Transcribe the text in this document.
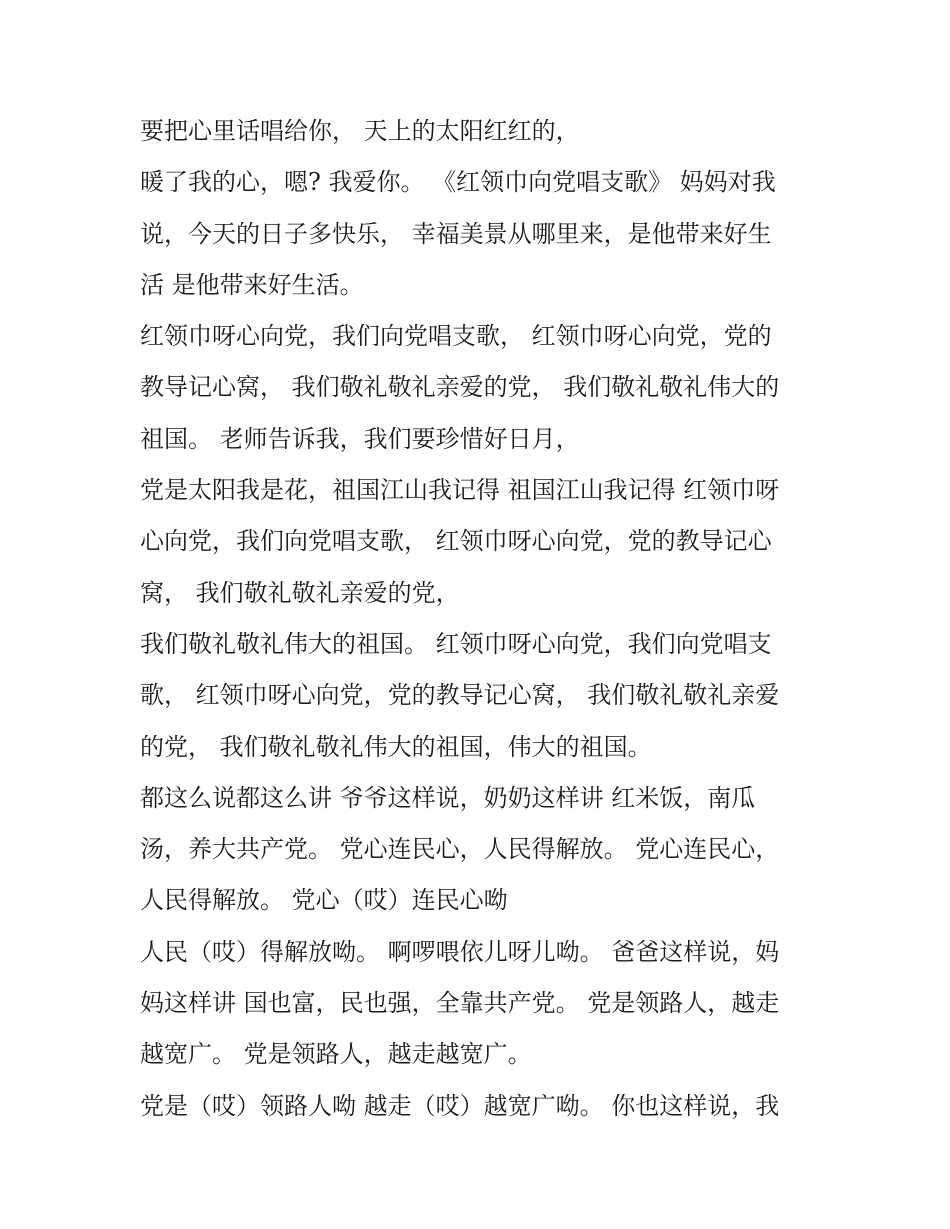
要把心里话唱给你， 天上的太阳红红的，
暖了我的心，嗯? 我爱你。 《红领巾向党唱支歌》 妈妈对我
说，今天的日子多快乐， 幸福美景从哪里来，是他带来好生
活 是他带来好生活。
红领巾呀心向党，我们向党唱支歌， 红领巾呀心向党，党的
教导记心窝， 我们敬礼敬礼亲爱的党， 我们敬礼敬礼伟大的
祖国。 老师告诉我，我们要珍惜好日月，
党是太阳我是花，祖国江山我记得 祖国江山我记得 红领巾呀
心向党，我们向党唱支歌， 红领巾呀心向党，党的教导记心
窝， 我们敬礼敬礼亲爱的党，
我们敬礼敬礼伟大的祖国。 红领巾呀心向党，我们向党唱支
歌， 红领巾呀心向党，党的教导记心窝， 我们敬礼敬礼亲爱
的党， 我们敬礼敬礼伟大的祖国，伟大的祖国。
都这么说都这么讲 爷爷这样说，奶奶这样讲 红米饭，南瓜
汤，养大共产党。 党心连民心，人民得解放。 党心连民心，
人民得解放。 党心（哎）连民心呦
人民（哎）得解放呦。 啊啰喂依儿呀儿呦。 爸爸这样说，妈
妈这样讲 国也富，民也强，全靠共产党。 党是领路人，越走
越宽广。 党是领路人，越走越宽广。
党是（哎）领路人呦 越走（哎）越宽广呦。 你也这样说，我
